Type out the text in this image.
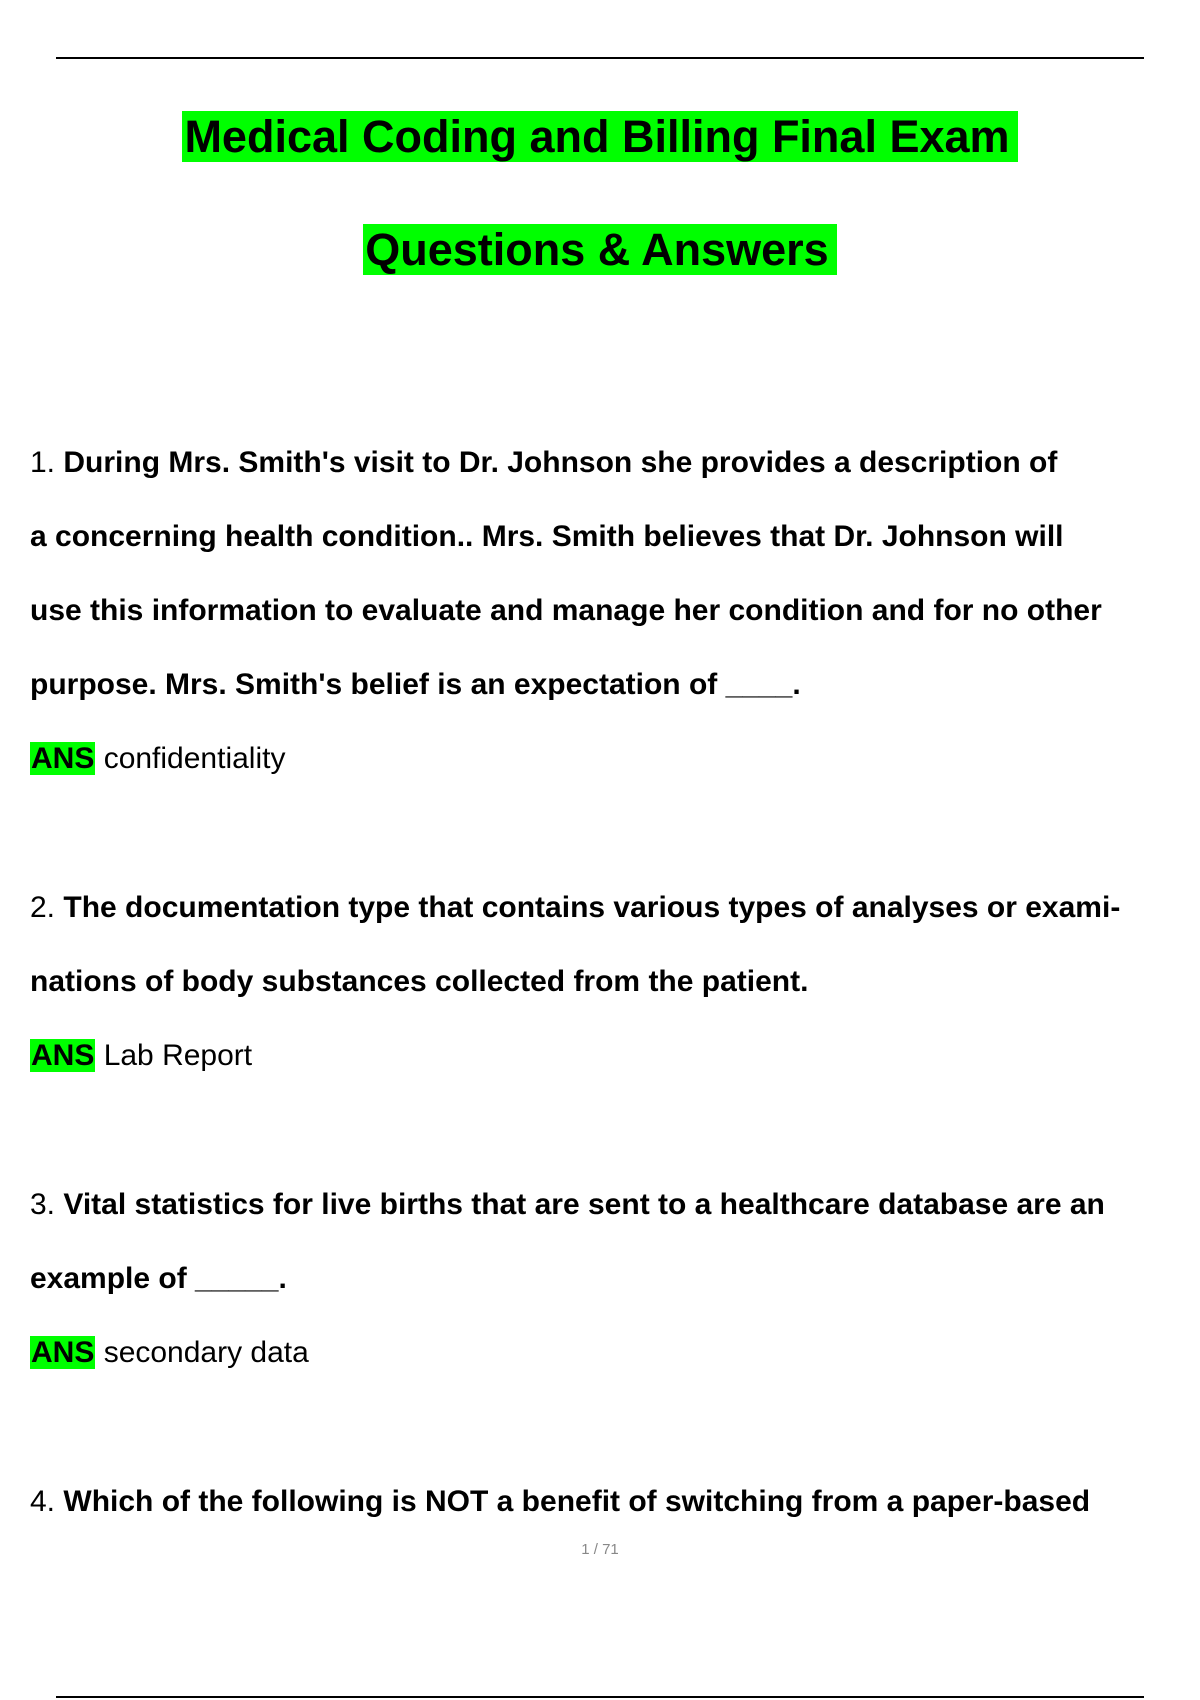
Medical Coding and Billing Final Exam
Questions & Answers
1. During Mrs. Smith's visit to Dr. Johnson she provides a description of
a concerning health condition.. Mrs. Smith believes that Dr. Johnson will
use this information to evaluate and manage her condition and for no other
purpose. Mrs. Smith's belief is an expectation of ____.
ANS confidentiality
2. The documentation type that contains various types of analyses or exami-
nations of body substances collected from the patient.
ANS Lab Report
3. Vital statistics for live births that are sent to a healthcare database are an
example of _____.
ANS secondary data
4. Which of the following is NOT a benefit of switching from a paper-based
1 / 71
